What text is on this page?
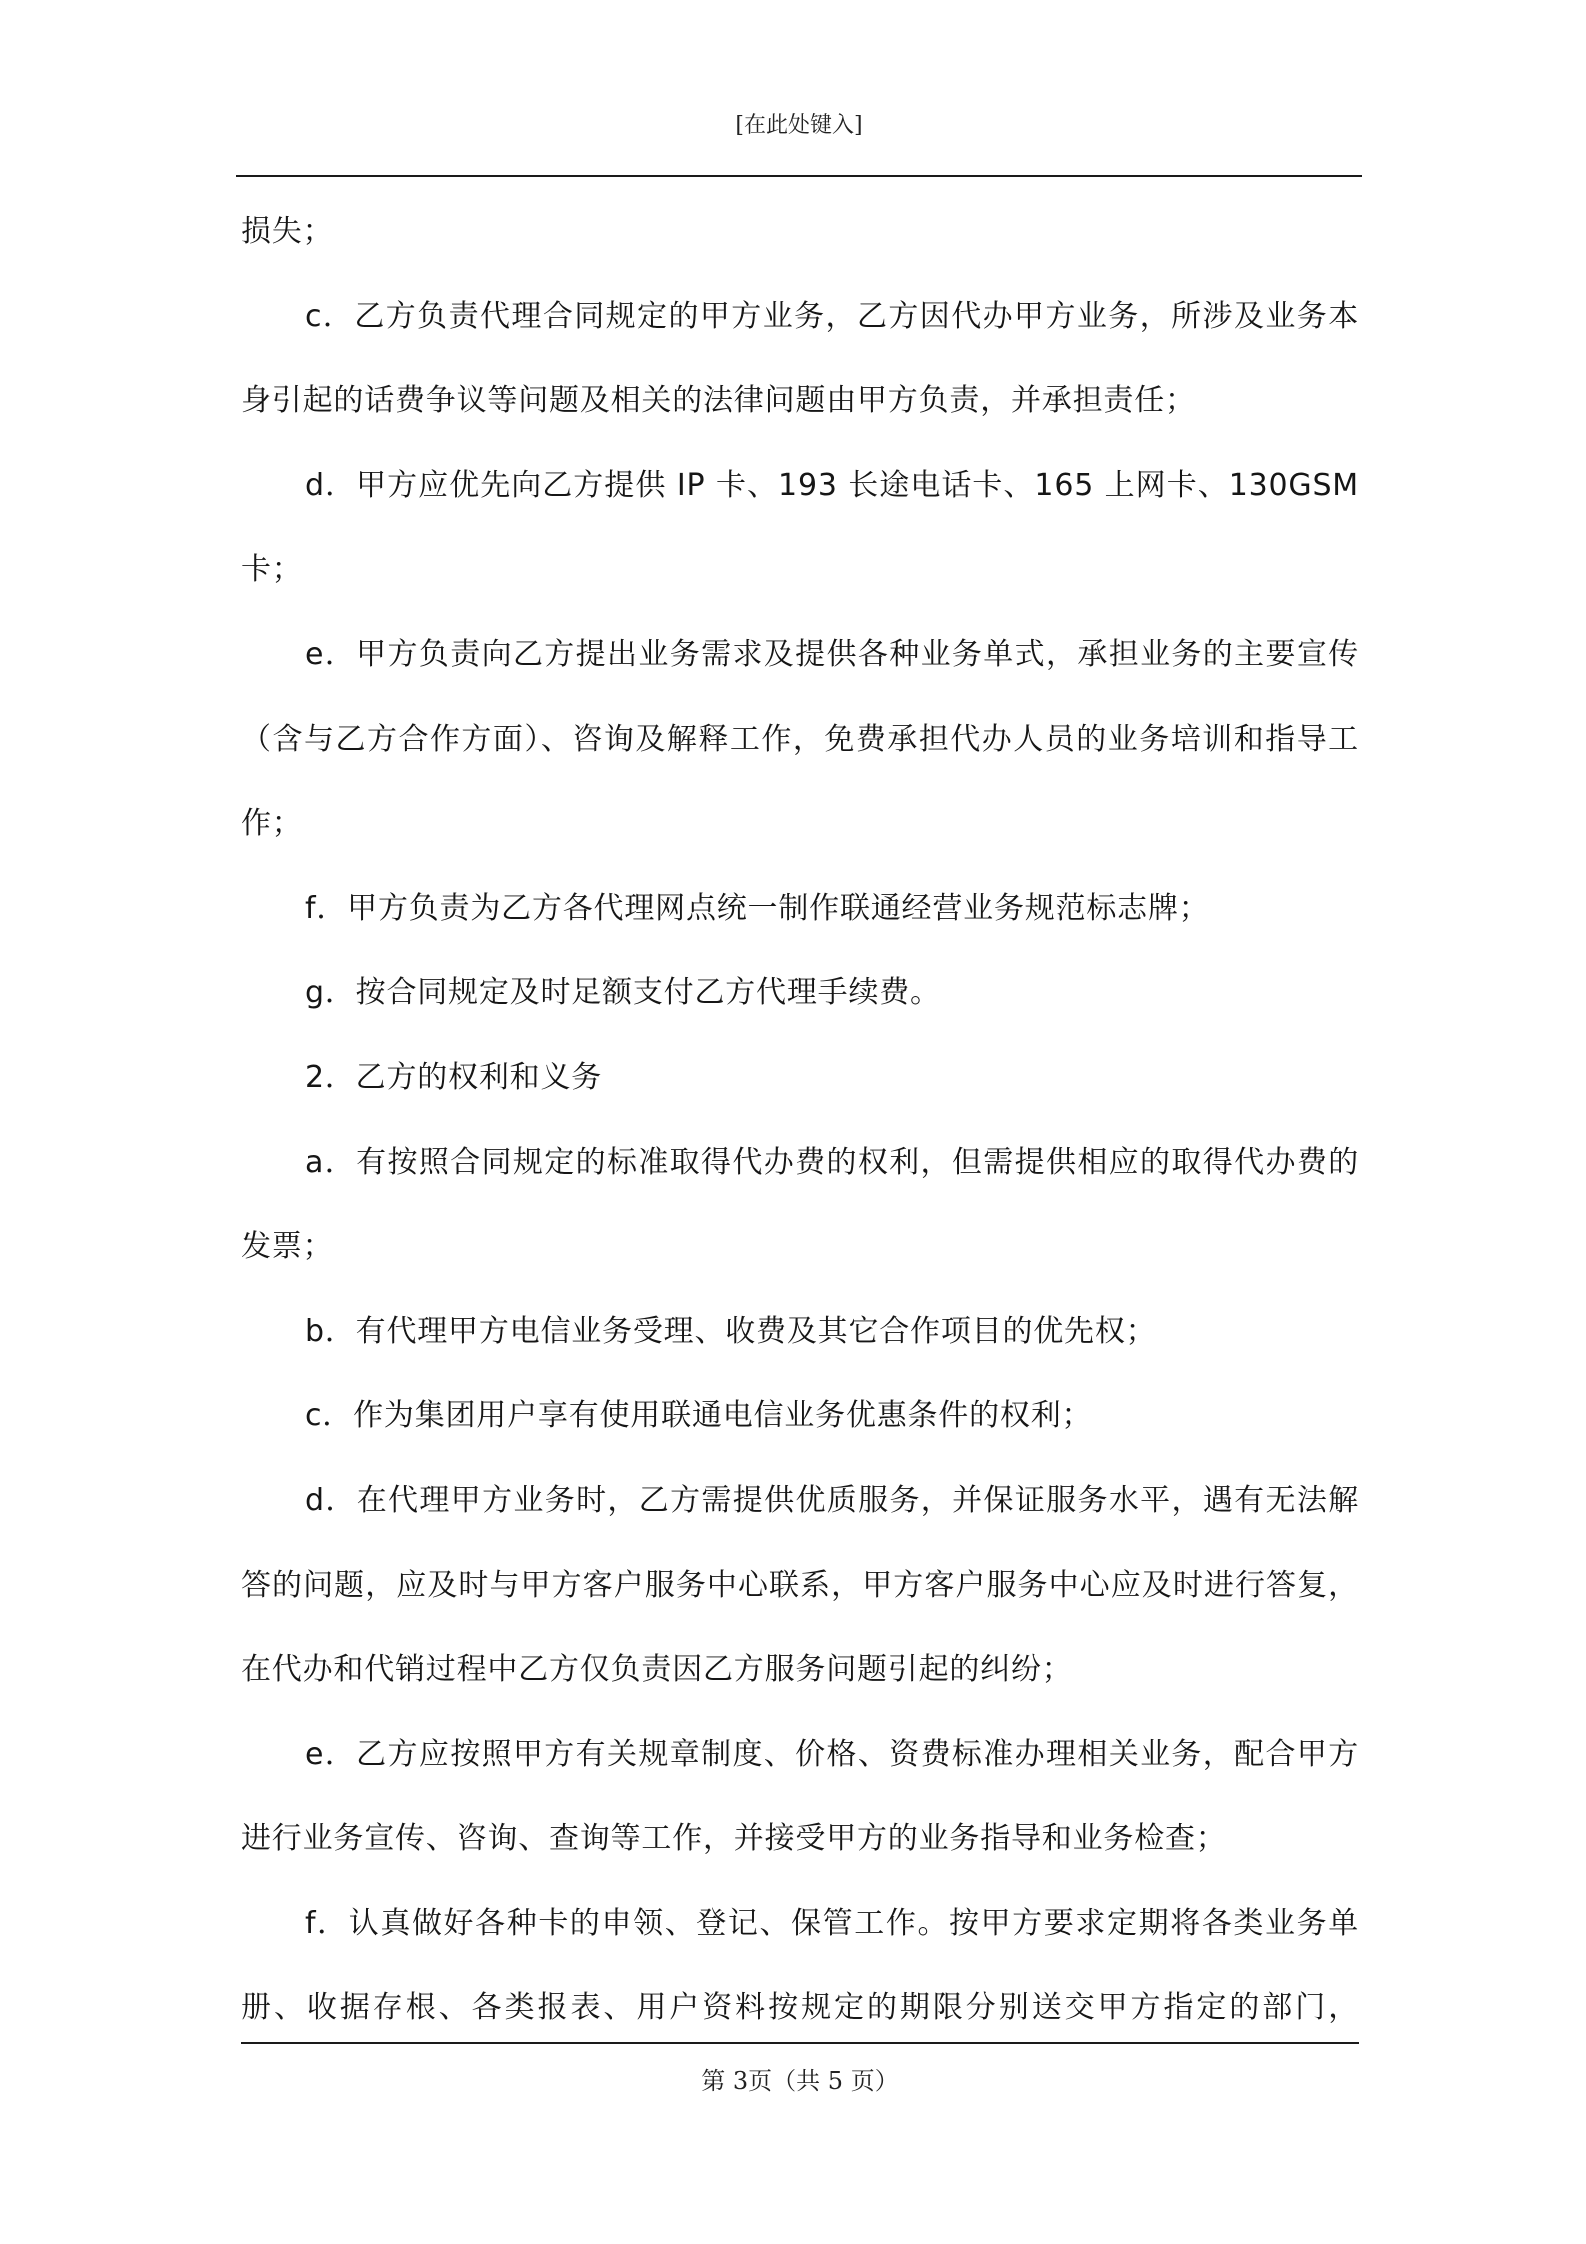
[在此处键入]

损失；

c．乙方负责代理合同规定的甲方业务，乙方因代办甲方业务，所涉及业务本身引起的话费争议等问题及相关的法律问题由甲方负责，并承担责任；

d．甲方应优先向乙方提供 IP 卡、193 长途电话卡、165 上网卡、130GSM 卡；

e．甲方负责向乙方提出业务需求及提供各种业务单式，承担业务的主要宣传（含与乙方合作方面）、咨询及解释工作，免费承担代办人员的业务培训和指导工作；

f．甲方负责为乙方各代理网点统一制作联通经营业务规范标志牌；

g．按合同规定及时足额支付乙方代理手续费。

2．乙方的权利和义务

a．有按照合同规定的标准取得代办费的权利，但需提供相应的取得代办费的发票；

b．有代理甲方电信业务受理、收费及其它合作项目的优先权；

c．作为集团用户享有使用联通电信业务优惠条件的权利；

d．在代理甲方业务时，乙方需提供优质服务，并保证服务水平，遇有无法解答的问题，应及时与甲方客户服务中心联系，甲方客户服务中心应及时进行答复，在代办和代销过程中乙方仅负责因乙方服务问题引起的纠纷；

e．乙方应按照甲方有关规章制度、价格、资费标准办理相关业务，配合甲方进行业务宣传、咨询、查询等工作，并接受甲方的业务指导和业务检查；

f．认真做好各种卡的申领、登记、保管工作。按甲方要求定期将各类业务单册、收据存根、各类报表、用户资料按规定的期限分别送交甲方指定的部门，

第 3页（共 5 页）
